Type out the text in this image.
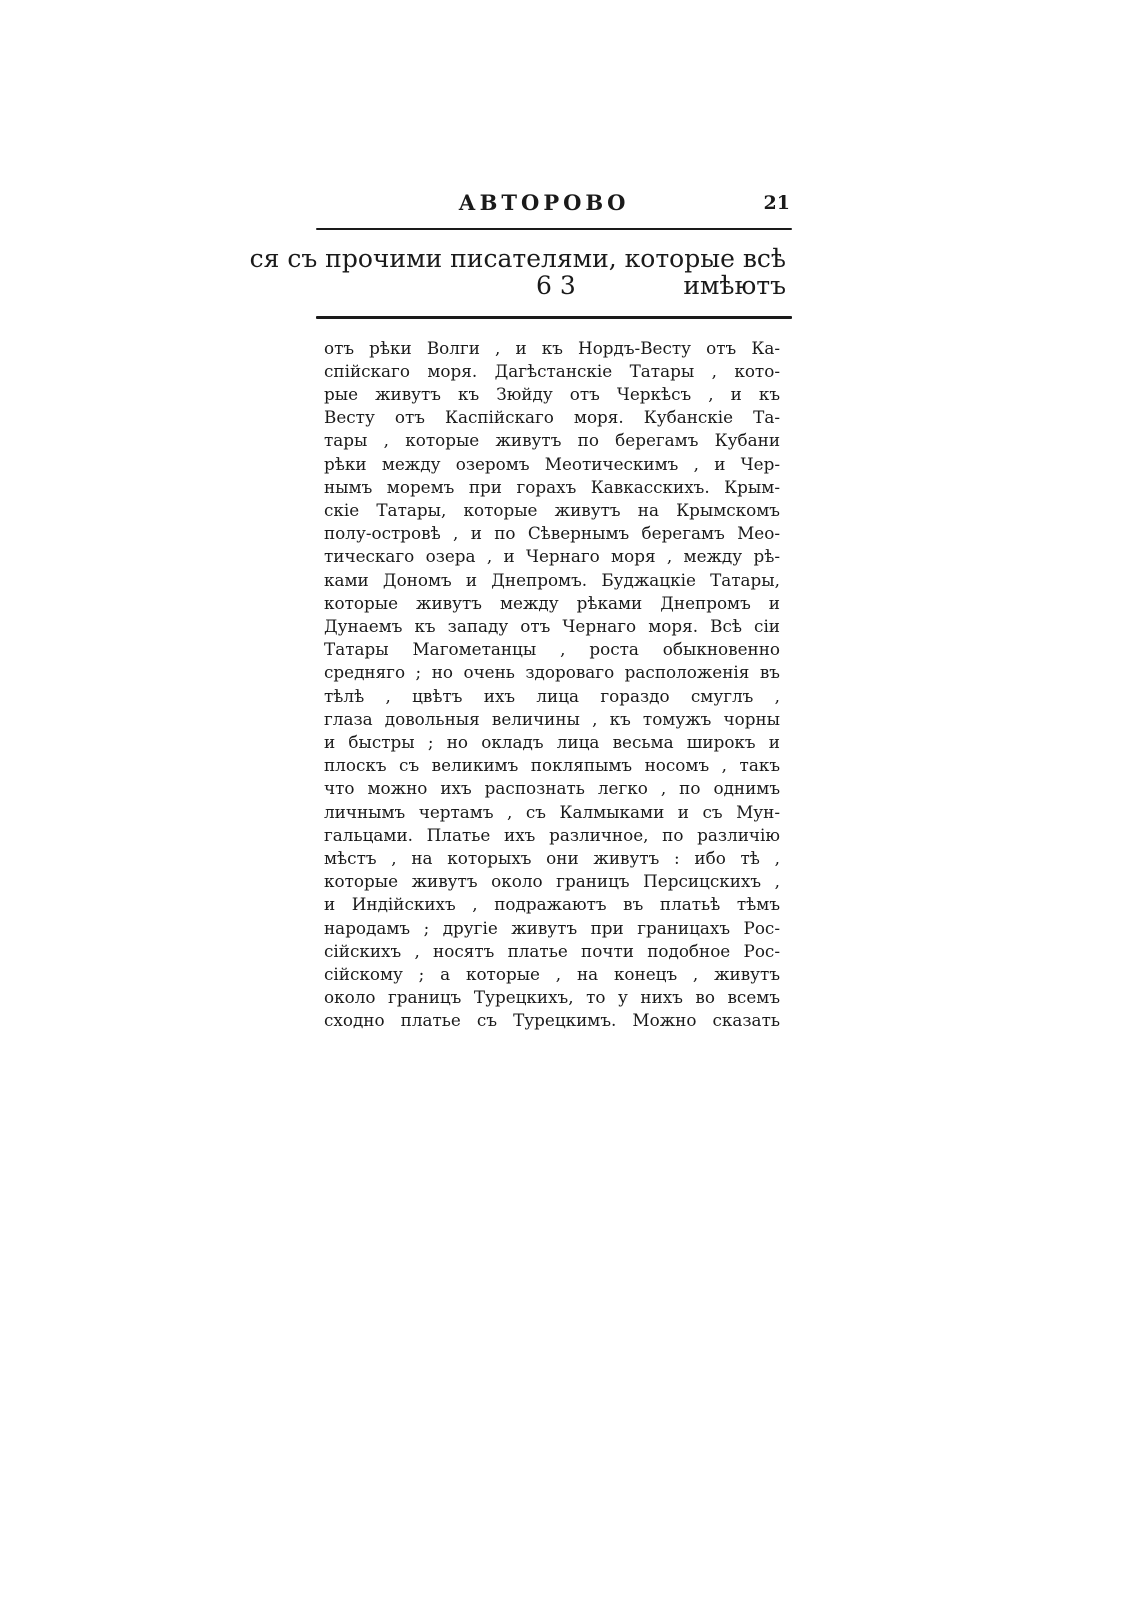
АВТОРОВО	21
ся съ прочими писателями, которые всѣ
6 3	имѣютъ
отъ рѣки Волги , и къ Нордъ-Весту отъ Ка-
спійскаго моря. Дагѣстанскіе Татары , кото-
рые живутъ къ Зюйду отъ Черкѣсъ , и къ
Весту отъ Каспійскаго моря. Кубанскіе Та-
тары , которые живутъ по берегамъ Кубани
рѣки между озеромъ Меотическимъ , и Чер-
нымъ моремъ при горахъ Кавкасскихъ. Крым-
скіе Татары, которые живутъ на Крымскомъ
полу-островѣ , и по Сѣвернымъ берегамъ Мео-
тическаго озера , и Чернаго моря , между рѣ-
ками Дономъ и Днепромъ. Буджацкіе Татары,
которые живутъ между рѣками Днепромъ и
Дунаемъ къ западу отъ Чернаго моря. Всѣ сіи
Татары Магометанцы , роста обыкновенно
средняго ; но очень здороваго расположенія въ
тѣлѣ , цвѣтъ ихъ лица гораздо смуглъ ,
глаза довольныя величины , къ томужъ чорны
и быстры ; но окладъ лица весьма широкъ и
плоскъ съ великимъ покляпымъ носомъ , такъ
что можно ихъ распознать легко , по однимъ
личнымъ чертамъ , съ Калмыками и съ Мун-
гальцами. Платье ихъ различное, по различію
мѣстъ , на которыхъ они живутъ : ибо тѣ ,
которые живутъ около границъ Персицскихъ ,
и Индійскихъ , подражаютъ въ платьѣ тѣмъ
народамъ ; другіе живутъ при границахъ Рос-
сійскихъ , носятъ платье почти подобное Рос-
сійскому ; а которые , на конецъ , живутъ
около границъ Турецкихъ, то у нихъ во всемъ
сходно платье съ Турецкимъ. Можно сказать
